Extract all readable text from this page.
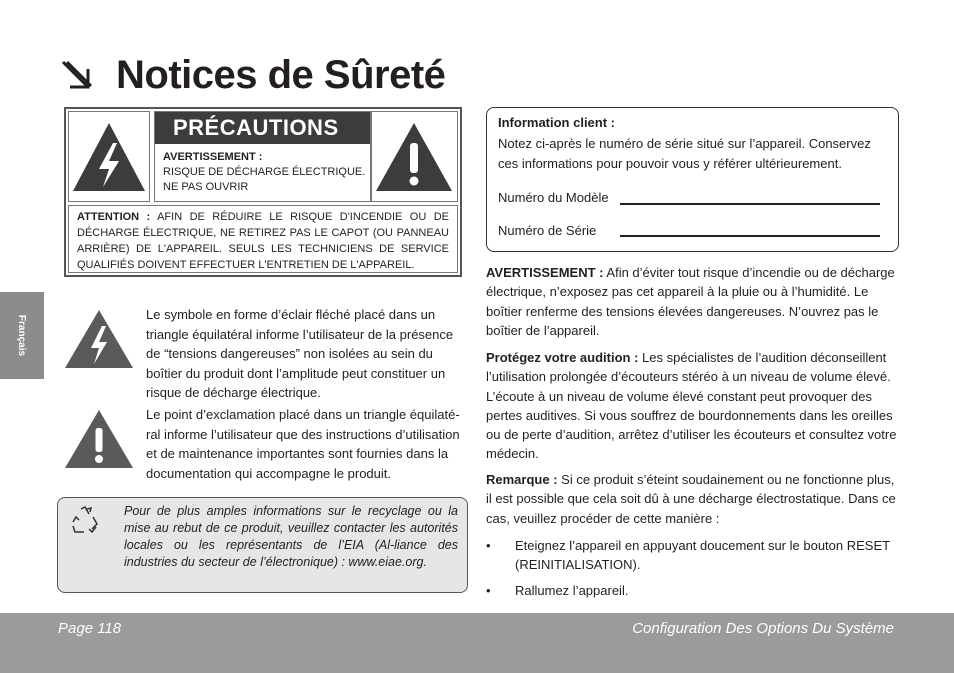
Notices de Sûreté
PRÉCAUTIONS
AVERTISSEMENT :
RISQUE DE DÉCHARGE ÉLECTRIQUE.
NE PAS OUVRIR
ATTENTION : AFIN DE RÉDUIRE LE RISQUE D'INCENDIE OU DE DÉCHARGE ÉLECTRIQUE, NE RETIREZ PAS LE CAPOT (OU PANNEAU ARRIÈRE) DE L'APPAREIL. SEULS LES TECHNICIENS DE SERVICE QUALIFIÉS DOIVENT EFFECTUER L'ENTRETIEN DE L'APPAREIL.

Le symbole en forme d’éclair fléché placé dans un triangle équilatéral informe l’utilisateur de la présence de “tensions dangereuses” non isolées au sein du boîtier du produit dont l’amplitude peut constituer un risque de décharge électrique.

Le point d’exclamation placé dans un triangle équilaté-ral informe l’utilisateur que des instructions d’utilisation et de maintenance importantes sont fournies dans la documentation qui accompagne le produit.

Pour de plus amples informations sur le recyclage ou la mise au rebut de ce produit, veuillez contacter les autorités locales ou les représentants de l’EIA (Al-liance des industries du secteur de l’électronique) : www.eiae.org.

Information client :

Notez ci-après le numéro de série situé sur l’appareil. Conservez ces informations pour pouvoir vous y référer ultérieurement.

Numéro du Modèle
Numéro de Série

AVERTISSEMENT : Afin d’éviter tout risque d’incendie ou de décharge électrique, n’exposez pas cet appareil à la pluie ou à l’humidité. Le boîtier renferme des tensions élevées dangereuses. N’ouvrez pas le boîtier de l’appareil.

Protégez votre audition : Les spécialistes de l’audition déconseillent l’utilisation prolongée d’écouteurs stéréo à un niveau de volume élevé. L’écoute à un niveau de volume élevé constant peut provoquer des pertes auditives. Si vous souffrez de bourdonnements dans les oreilles ou de perte d’audition, arrêtez d’utiliser les écouteurs et consultez votre médecin.

Remarque : Si ce produit s’éteint soudainement ou ne fonctionne plus, il est possible que cela soit dû à une décharge électrostatique. Dans ce cas, veuillez procéder de cette manière :

• Eteignez l’appareil en appuyant doucement sur le bouton RESET (REINITIALISATION).
• Rallumez l’appareil.
Français
Page 118	Configuration Des Options Du Système
